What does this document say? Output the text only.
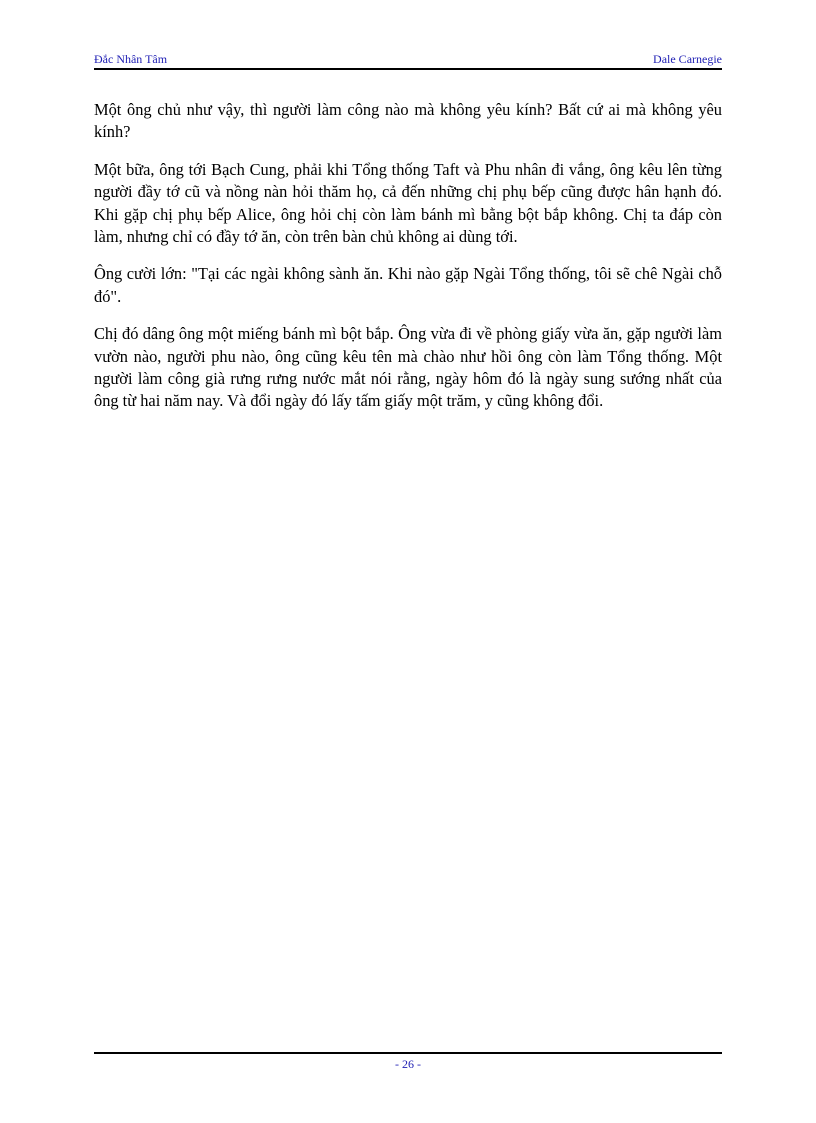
Đắc Nhân Tâm	Dale Carnegie

Một ông chủ như vậy, thì người làm công nào mà không yêu kính? Bất cứ ai mà không yêu kính?

Một bữa, ông tới Bạch Cung, phải khi Tổng thống Taft và Phu nhân đi vắng, ông kêu lên từng người đầy tớ cũ và nồng nàn hỏi thăm họ, cả đến những chị phụ bếp cũng được hân hạnh đó. Khi gặp chị phụ bếp Alice, ông hỏi chị còn làm bánh mì bằng bột bắp không. Chị ta đáp còn làm, nhưng chỉ có đầy tớ ăn, còn trên bàn chủ không ai dùng tới.

Ông cười lớn: "Tại các ngài không sành ăn. Khi nào gặp Ngài Tổng thống, tôi sẽ chê Ngài chỗ đó".

Chị đó dâng ông một miếng bánh mì bột bắp. Ông vừa đi về phòng giấy vừa ăn, gặp người làm vườn nào, người phu nào, ông cũng kêu tên mà chào như hồi ông còn làm Tổng thống. Một người làm công già rưng rưng nước mắt nói rằng, ngày hôm đó là ngày sung sướng nhất của ông từ hai năm nay. Và đổi ngày đó lấy tấm giấy một trăm, y cũng không đổi.

- 26 -
